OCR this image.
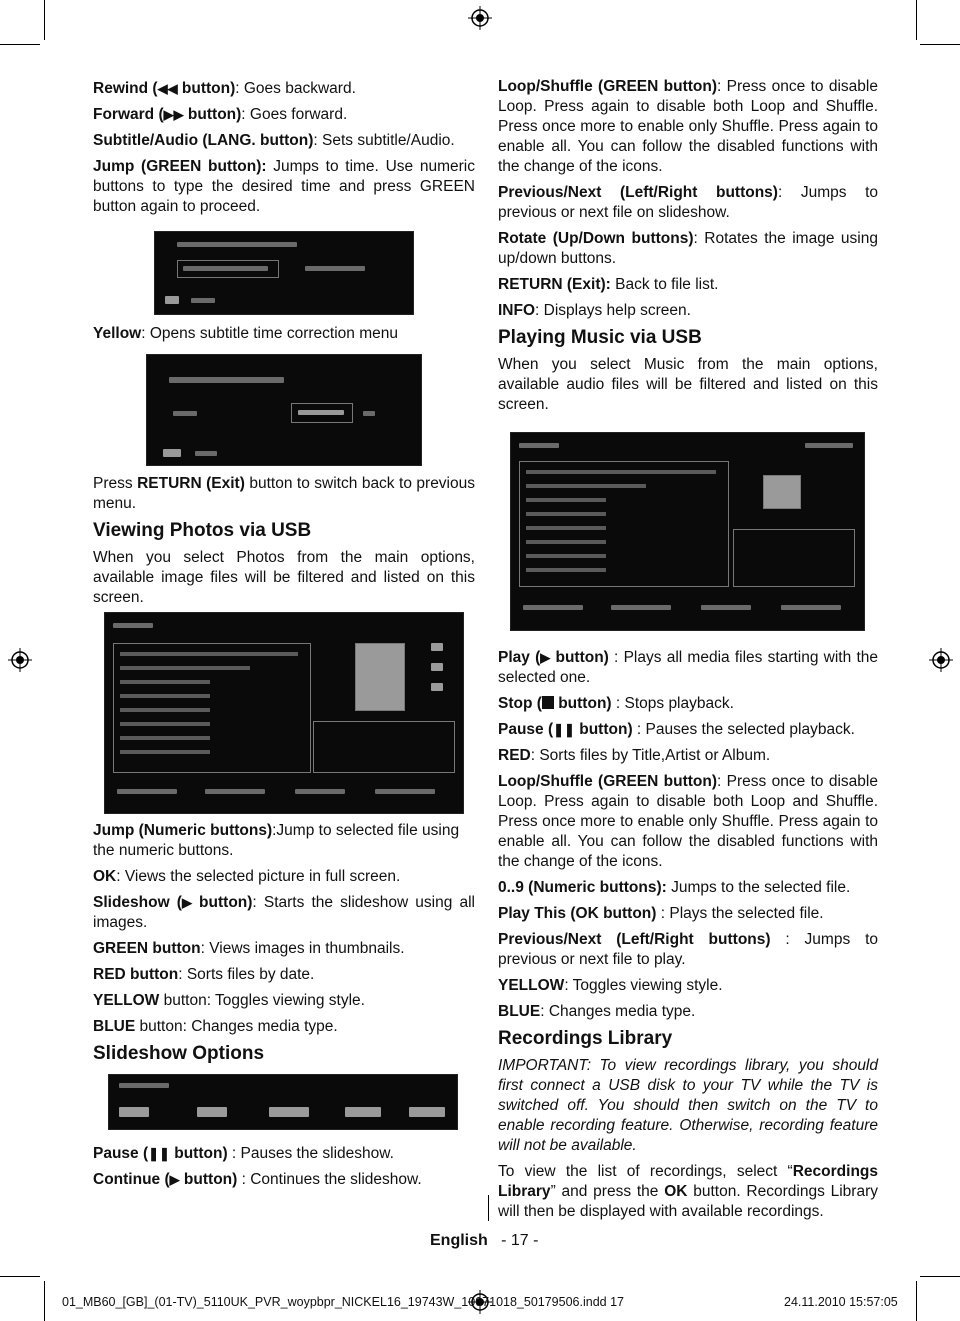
Rewind (◀◀ button): Goes backward.

Forward (▶▶ button): Goes forward.

Subtitle/Audio (LANG. button): Sets subtitle/Audio.

Jump (GREEN button): Jumps to time. Use numeric buttons to type the desired time and press GREEN button again to proceed.

Yellow: Opens subtitle time correction menu

Loop/Shuffle (GREEN button): Press once to disable Loop. Press again to disable both Loop and Shuffle. Press once more to enable only Shuffle. Press again to enable all. You can follow the disabled functions with the change of the icons.

Previous/Next (Left/Right buttons): Jumps to previous or next file on slideshow.

Rotate (Up/Down buttons): Rotates the image using up/down buttons.

RETURN (Exit): Back to file list.

INFO: Displays help screen.

Playing Music via USB

When you select Music from the main options, available audio files will be filtered and listed on this screen.

Press RETURN (Exit) button to switch back to previous menu.

Viewing Photos via USB

When you select Photos from the main options, available image files will be filtered and listed on this screen.

Jump (Numeric buttons):Jump to selected file using the numeric buttons.

OK: Views the selected picture in full screen.

Slideshow (▶ button): Starts the slideshow using all images.

GREEN button: Views images in thumbnails.

RED button: Sorts files by date.

YELLOW button: Toggles viewing style.

BLUE button: Changes media type.

Slideshow Options

Pause (❚❚ button) : Pauses the slideshow.

Continue (▶ button) : Continues the slideshow.

Play (▶ button) : Plays all media files starting with the selected one.

Stop ( button) : Stops playback.

Pause (❚❚ button) : Pauses the selected playback.

RED: Sorts files by Title,Artist or Album.

Loop/Shuffle (GREEN button): Press once to disable Loop. Press again to disable both Loop and Shuffle. Press once more to enable only Shuffle. Press again to enable all. You can follow the disabled functions with the change of the icons.

0..9 (Numeric buttons): Jumps to the selected file.

Play This (OK button) : Plays the selected file.

Previous/Next (Left/Right buttons) : Jumps to previous or next file to play.

YELLOW: Toggles viewing style.

BLUE: Changes media type.

Recordings Library

IMPORTANT: To view recordings library, you should first connect a USB disk to your TV while the TV is switched off. You should then switch on the TV to enable recording feature. Otherwise, recording feature will not be available.

To view the list of recordings, select “Recordings Library” and press the OK button. Recordings Library will then be displayed with available recordings.

English - 17 -
01_MB60_[GB]_(01-TV)_5110UK_PVR_woypbpr_NICKEL16_19743W_10071018_50179506.indd 17	24.11.2010 15:57:05
